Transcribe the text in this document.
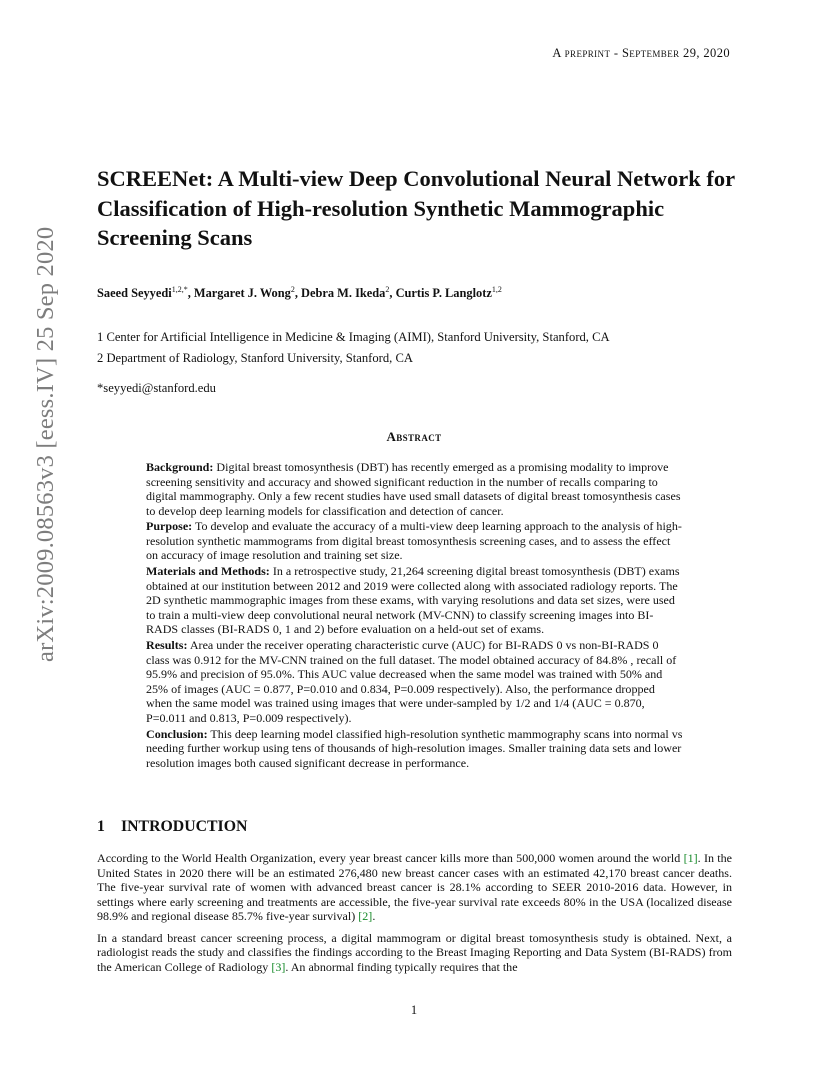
A preprint - September 29, 2020
arXiv:2009.08563v3 [eess.IV] 25 Sep 2020
SCREENet: A Multi-view Deep Convolutional Neural Network for Classification of High-resolution Synthetic Mammographic Screening Scans
Saeed Seyyedi$^{1,2,*}$, Margaret J. Wong$^2$, Debra M. Ikeda$^2$, Curtis P. Langlotz$^{1,2}$
1 Center for Artificial Intelligence in Medicine & Imaging (AIMI), Stanford University, Stanford, CA
2 Department of Radiology, Stanford University, Stanford, CA
*seyyedi@stanford.edu
Abstract

Background: Digital breast tomosynthesis (DBT) has recently emerged as a promising modality to improve screening sensitivity and accuracy and showed significant reduction in the number of recalls comparing to digital mammography. Only a few recent studies have used small datasets of digital breast tomosynthesis cases to develop deep learning models for classification and detection of cancer.

Purpose: To develop and evaluate the accuracy of a multi-view deep learning approach to the analysis of high-resolution synthetic mammograms from digital breast tomosynthesis screening cases, and to assess the effect on accuracy of image resolution and training set size.

Materials and Methods: In a retrospective study, 21,264 screening digital breast tomosynthesis (DBT) exams obtained at our institution between 2012 and 2019 were collected along with associated radiology reports. The 2D synthetic mammographic images from these exams, with varying resolutions and data set sizes, were used to train a multi-view deep convolutional neural network (MV-CNN) to classify screening images into BI-RADS classes (BI-RADS 0, 1 and 2) before evaluation on a held-out set of exams.

Results: Area under the receiver operating characteristic curve (AUC) for BI-RADS 0 vs non-BI-RADS 0 class was 0.912 for the MV-CNN trained on the full dataset. The model obtained accuracy of 84.8% , recall of 95.9% and precision of 95.0%. This AUC value decreased when the same model was trained with 50% and 25% of images (AUC = 0.877, P=0.010 and 0.834, P=0.009 respectively). Also, the performance dropped when the same model was trained using images that were under-sampled by 1/2 and 1/4 (AUC = 0.870, P=0.011 and 0.813, P=0.009 respectively).

Conclusion: This deep learning model classified high-resolution synthetic mammography scans into normal vs needing further workup using tens of thousands of high-resolution images. Smaller training data sets and lower resolution images both caused significant decrease in performance.

1 INTRODUCTION

According to the World Health Organization, every year breast cancer kills more than 500,000 women around the world [1]. In the United States in 2020 there will be an estimated 276,480 new breast cancer cases with an estimated 42,170 breast cancer deaths. The five-year survival rate of women with advanced breast cancer is 28.1% according to SEER 2010-2016 data. However, in settings where early screening and treatments are accessible, the five-year survival rate exceeds 80% in the USA (localized disease 98.9% and regional disease 85.7% five-year survival) [2].

In a standard breast cancer screening process, a digital mammogram or digital breast tomosynthesis study is obtained. Next, a radiologist reads the study and classifies the findings according to the Breast Imaging Reporting and Data System (BI-RADS) from the American College of Radiology [3]. An abnormal finding typically requires that the

1
